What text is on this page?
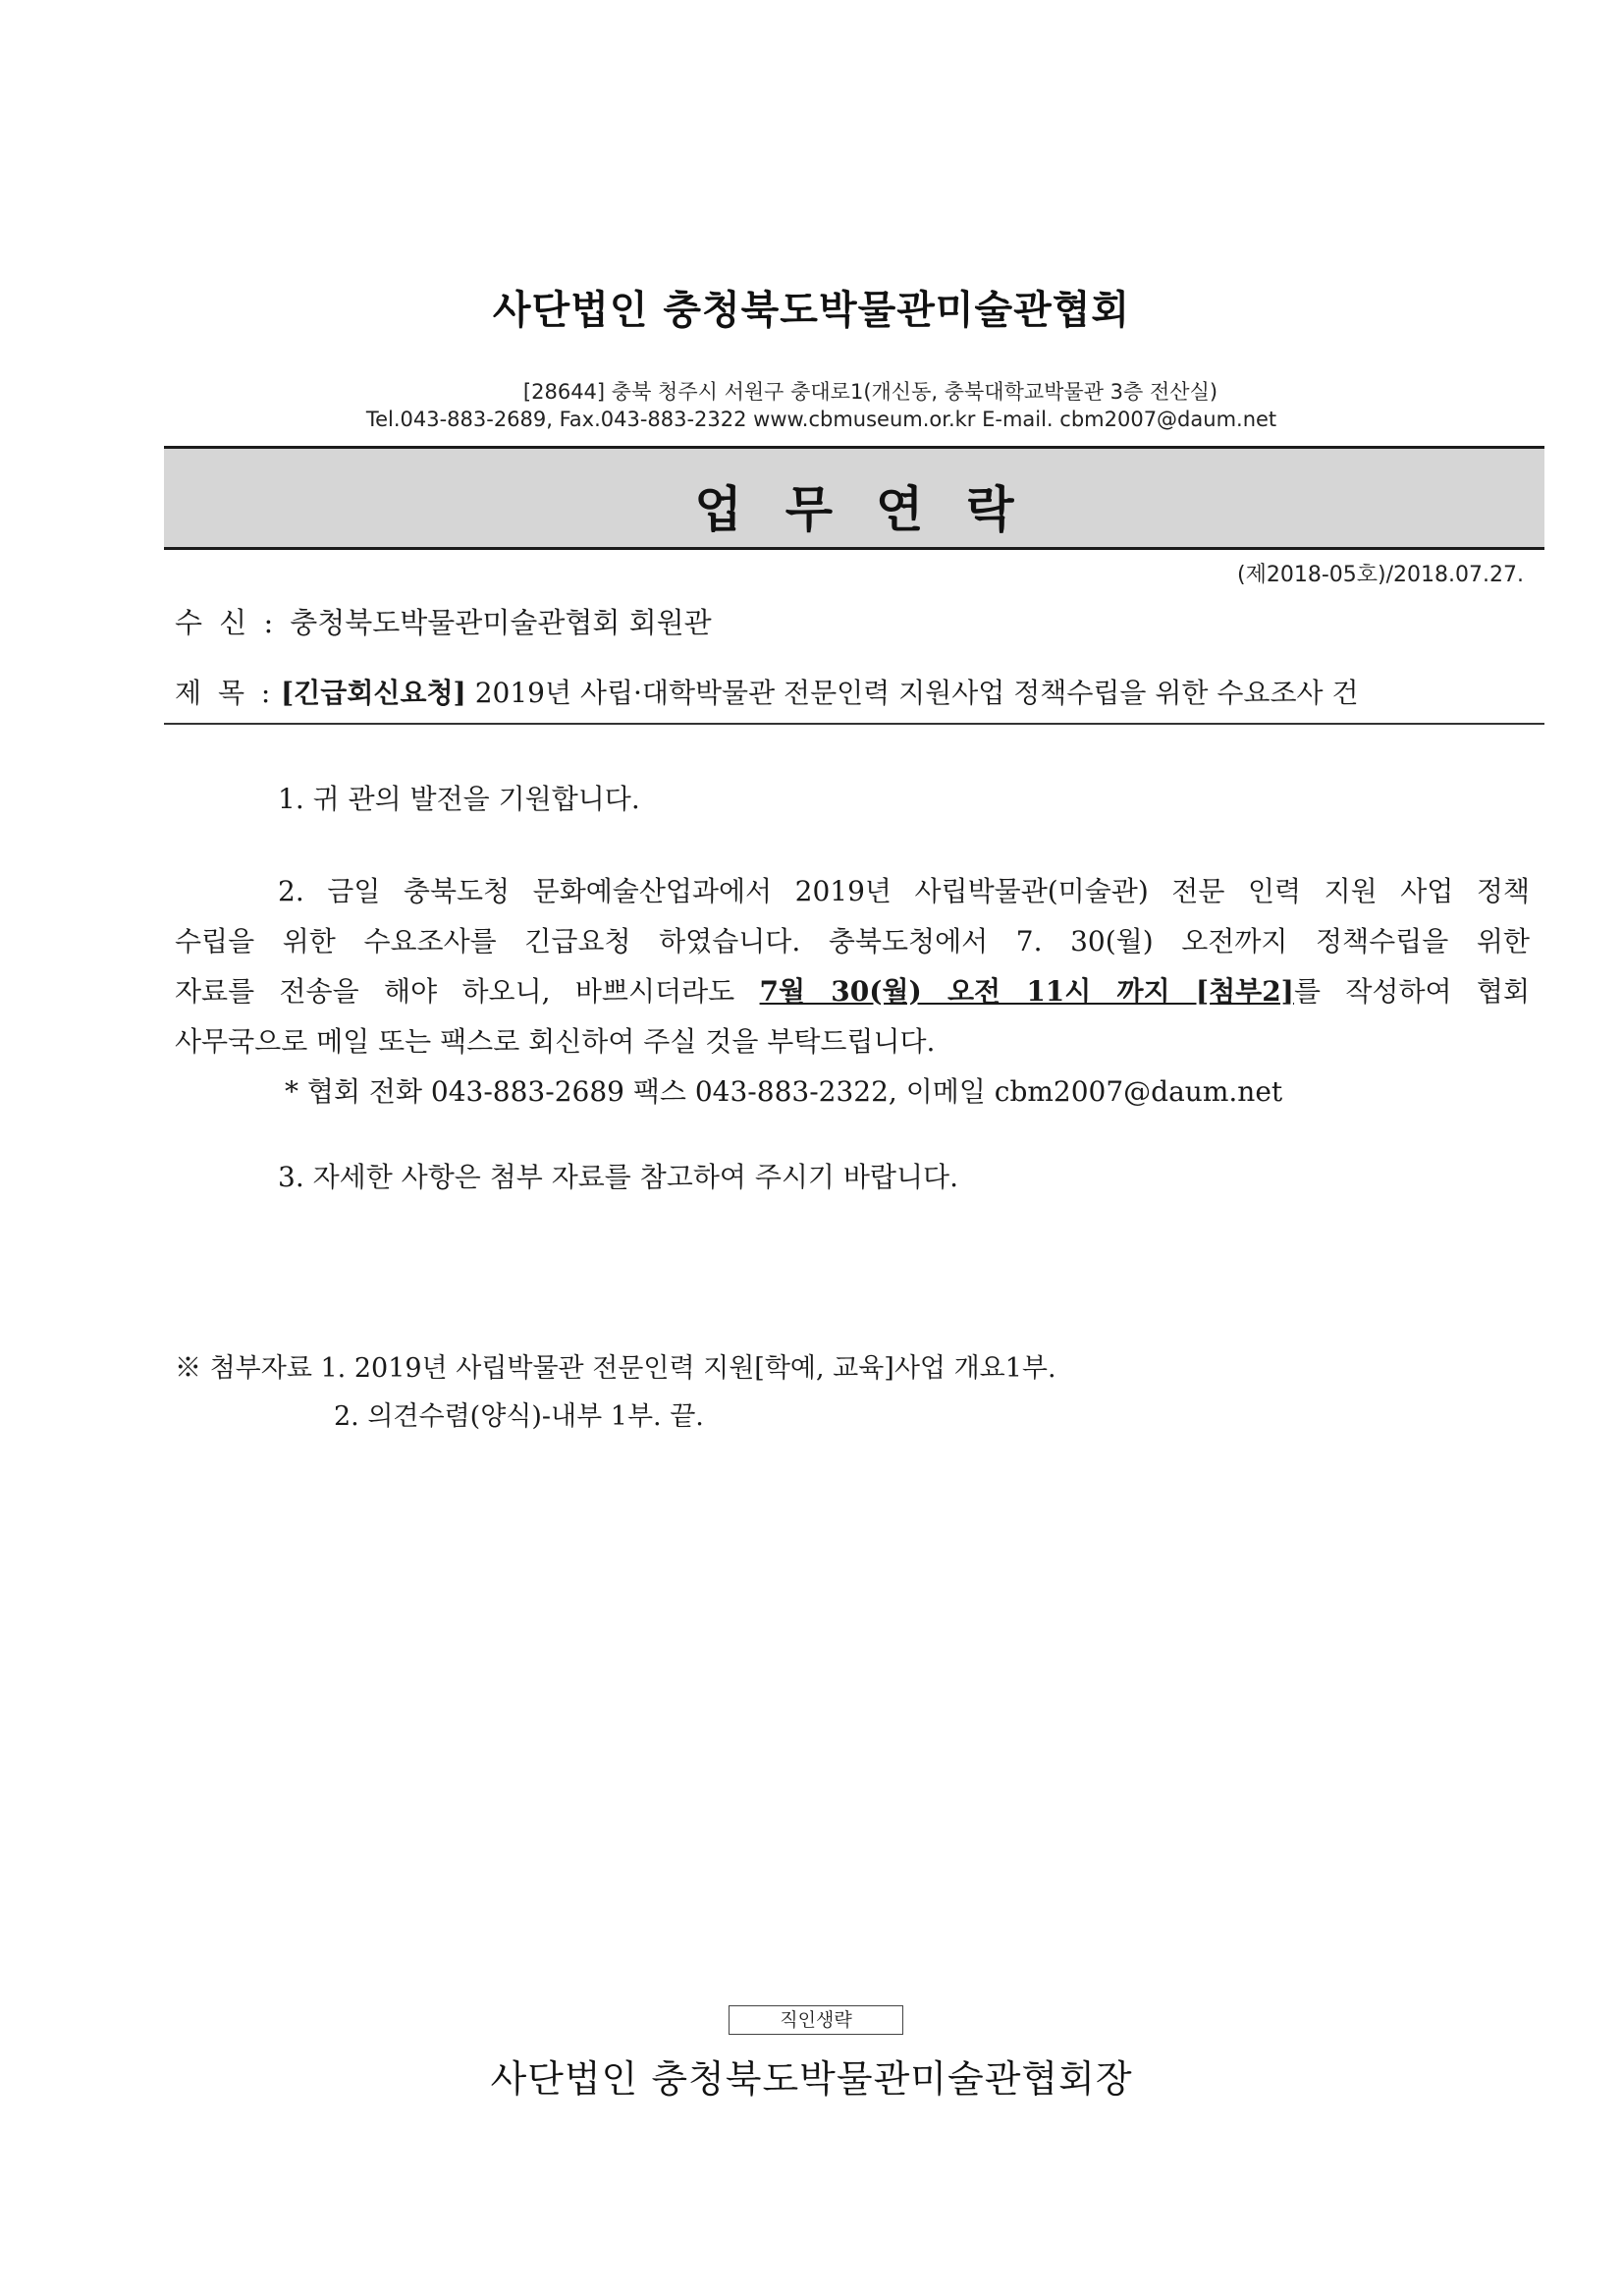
사단법인 충청북도박물관미술관협회
[28644] 충북 청주시 서원구 충대로1(개신동, 충북대학교박물관 3층 전산실)
Tel.043-883-2689, Fax.043-883-2322 www.cbmuseum.or.kr E-mail. cbm2007@daum.net
업무연락
(제2018-05호)/2018.07.27.
수 신 : 충청북도박물관미술관협회 회원관
제 목 : [긴급회신요청] 2019년 사립·대학박물관 전문인력 지원사업 정책수립을 위한 수요조사 건
1. 귀 관의 발전을 기원합니다.
2. 금일 충북도청 문화예술산업과에서 2019년 사립박물관(미술관) 전문 인력 지원 사업 정책
수립을 위한 수요조사를 긴급요청 하였습니다. 충북도청에서 7. 30(월) 오전까지 정책수립을 위한
자료를 전송을 해야 하오니, 바쁘시더라도 7월 30(월) 오전 11시 까지 [첨부2]를 작성하여 협회
사무국으로 메일 또는 팩스로 회신하여 주실 것을 부탁드립니다.
* 협회 전화 043-883-2689 팩스 043-883-2322, 이메일 cbm2007@daum.net
3. 자세한 사항은 첨부 자료를 참고하여 주시기 바랍니다.
※ 첨부자료 1. 2019년 사립박물관 전문인력 지원[학예, 교육]사업 개요1부.
2. 의견수렴(양식)-내부 1부. 끝.
직인생략
사단법인 충청북도박물관미술관협회장
